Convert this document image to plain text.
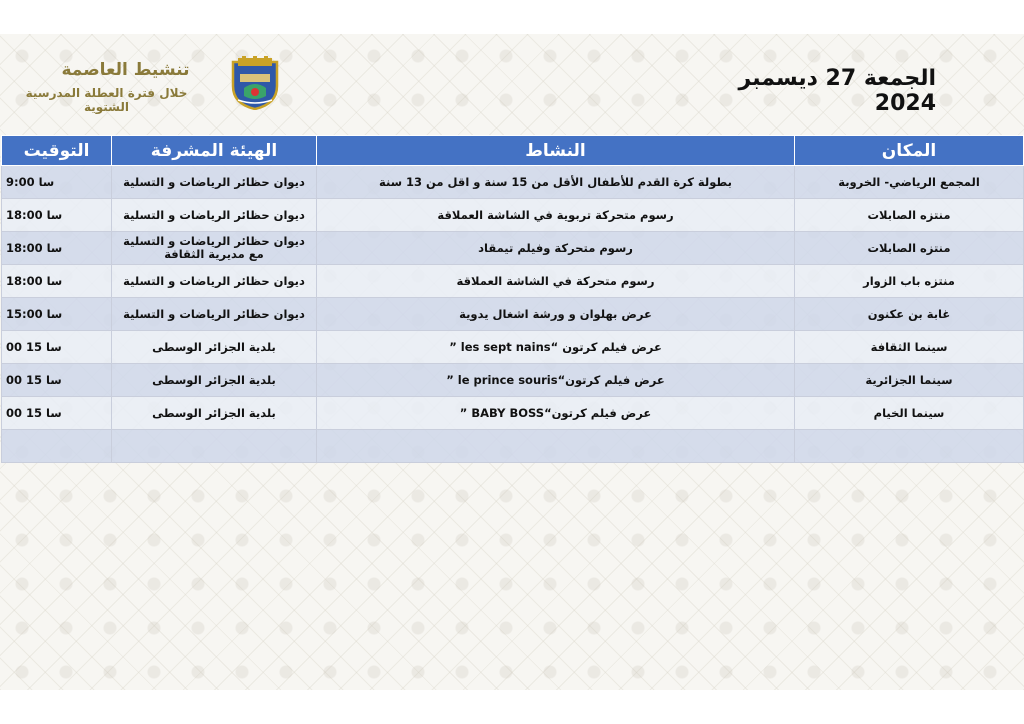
تنشيط العاصمة
خلال فترة العطلة المدرسية الشتوية
الجمعة 27 ديسمبر 2024
التوقيت	الهيئة المشرفة	النشاط	المكان
9:00 سا	ديوان حظائر الرياضات و التسلية	بطولة كرة القدم للأطفال الأقل من 15 سنة و اقل من 13 سنة	المجمع الرياضي- الخروبة
18:00 سا	ديوان حظائر الرياضات و التسلية	رسوم متحركة تربوية في الشاشة العملاقة	منتزه الصابلات
18:00 سا	ديوان حظائر الرياضات و التسلية مع مديرية الثقافة	رسوم متحركة وفيلم تيمقاد	منتزه الصابلات
18:00 سا	ديوان حظائر الرياضات و التسلية	رسوم متحركة في الشاشة العملاقة	منتزه باب الزوار
15:00 سا	ديوان حظائر الرياضات و التسلية	عرض بهلوان و ورشة اشغال يدوية	غابة بن عكنون
00 سا 15	بلدية الجزائر الوسطى	عرض فيلم كرتون “les sept nains ”	سينما الثقافة
00 سا 15	بلدية الجزائر الوسطى	عرض فيلم كرتون“le prince souris ”	سينما الجزائرية
00 سا 15	بلدية الجزائر الوسطى	عرض فيلم كرتون“BABY BOSS ”	سينما الخيام
